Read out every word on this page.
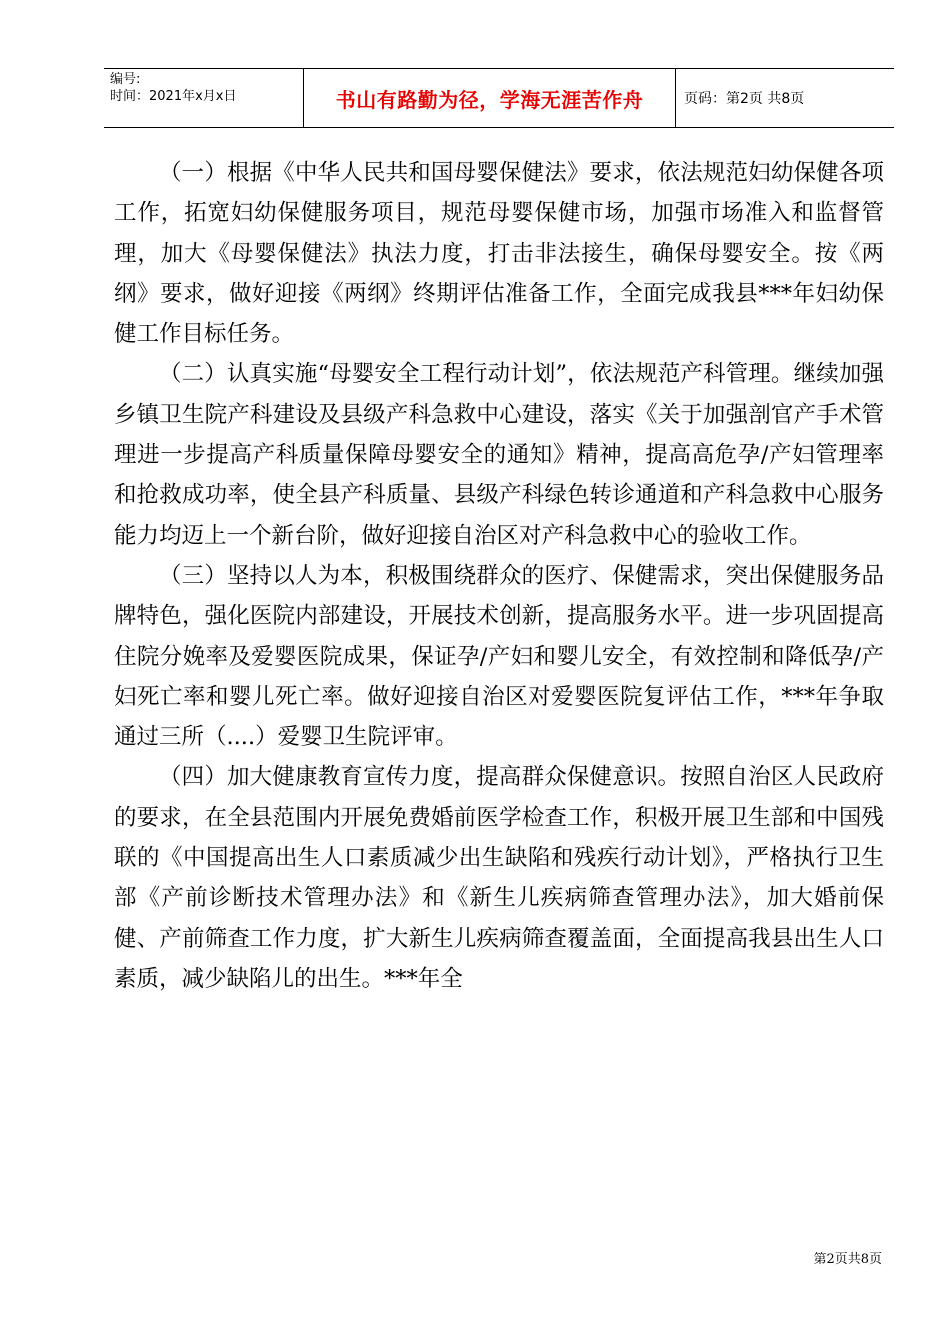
编号:
时间：2021年x月x日	书山有路勤为径，学海无涯苦作舟	页码：第2页 共8页

（一）根据《中华人民共和国母婴保健法》要求，依法规范妇幼保健各项工作，拓宽妇幼保健服务项目，规范母婴保健市场，加强市场准入和监督管理，加大《母婴保健法》执法力度，打击非法接生，确保母婴安全。按《两纲》要求，做好迎接《两纲》终期评估准备工作，全面完成我县***年妇幼保健工作目标任务。

（二）认真实施“母婴安全工程行动计划”，依法规范产科管理。继续加强乡镇卫生院产科建设及县级产科急救中心建设，落实《关于加强剖官产手术管理进一步提高产科质量保障母婴安全的通知》精神，提高高危孕/产妇管理率和抢救成功率，使全县产科质量、县级产科绿色转诊通道和产科急救中心服务能力均迈上一个新台阶，做好迎接自治区对产科急救中心的验收工作。

（三）坚持以人为本，积极围绕群众的医疗、保健需求，突出保健服务品牌特色，强化医院内部建设，开展技术创新，提高服务水平。进一步巩固提高住院分娩率及爱婴医院成果，保证孕/产妇和婴儿安全，有效控制和降低孕/产妇死亡率和婴儿死亡率。做好迎接自治区对爱婴医院复评估工作，***年争取通过三所（....）爱婴卫生院评审。

（四）加大健康教育宣传力度，提高群众保健意识。按照自治区人民政府的要求，在全县范围内开展免费婚前医学检查工作，积极开展卫生部和中国残联的《中国提高出生人口素质减少出生缺陷和残疾行动计划》，严格执行卫生部《产前诊断技术管理办法》和《新生儿疾病筛查管理办法》，加大婚前保健、产前筛查工作力度，扩大新生儿疾病筛查覆盖面，全面提高我县出生人口素质，减少缺陷儿的出生。***年全

第2页共8页
